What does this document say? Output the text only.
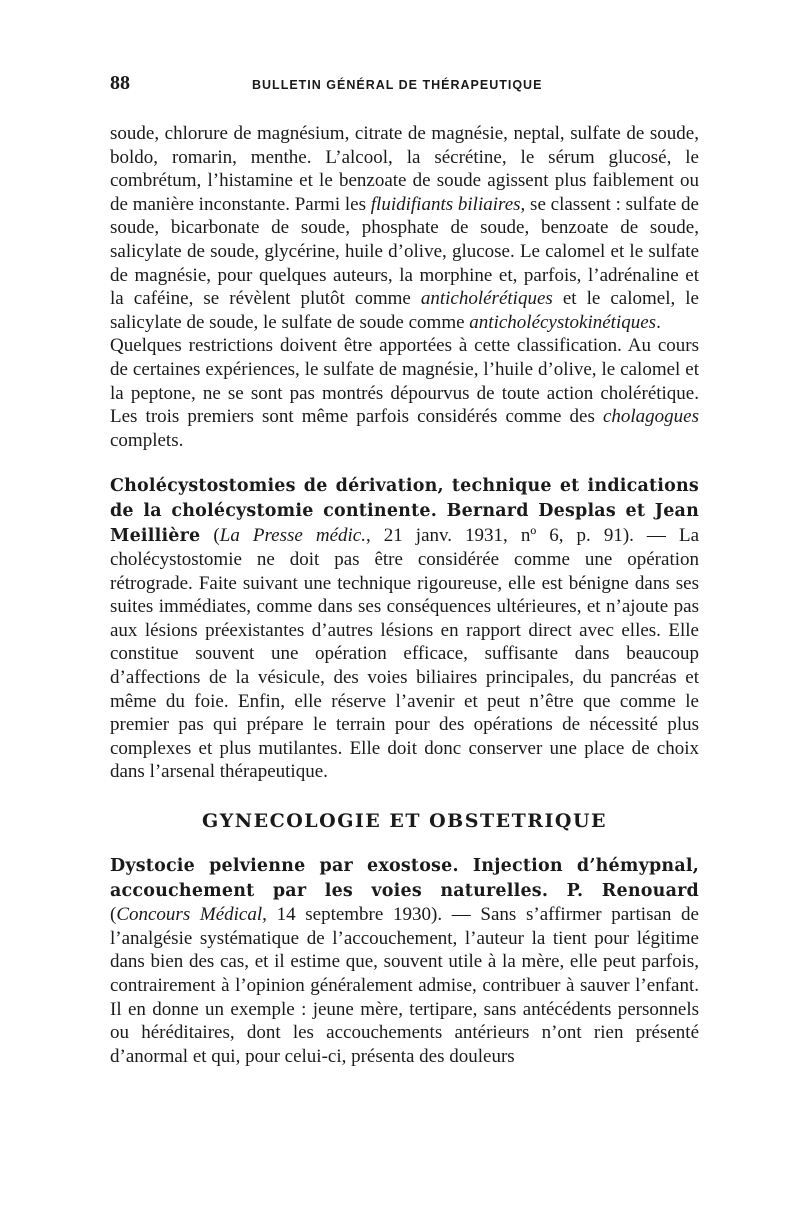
88	BULLETIN GÉNÉRAL DE THÉRAPEUTIQUE

soude, chlorure de magnésium, citrate de magnésie, neptal, sulfate de soude, boldo, romarin, menthe. L’alcool, la sécrétine, le sérum glucosé, le combrétum, l’histamine et le benzoate de soude agissent plus faiblement ou de manière inconstante. Parmi les fluidifiants biliaires, se classent : sulfate de soude, bicarbonate de soude, phosphate de soude, benzoate de soude, salicylate de soude, glycérine, huile d’olive, glucose. Le calomel et le sulfate de magnésie, pour quelques auteurs, la morphine et, parfois, l’adrénaline et la caféine, se révèlent plutôt comme anticholérétiques et le calomel, le salicylate de soude, le sulfate de soude comme anticholécystokinétiques.

Quelques restrictions doivent être apportées à cette classification. Au cours de certaines expériences, le sulfate de magnésie, l’huile d’olive, le calomel et la peptone, ne se sont pas montrés dépourvus de toute action cholérétique. Les trois premiers sont même parfois considérés comme des cholagogues complets.

Cholécystostomies de dérivation, technique et indications de la cholécystomie continente. Bernard Desplas et Jean Meillière (La Presse médic., 21 janv. 1931, nº 6, p. 91). — La cholécystostomie ne doit pas être considérée comme une opération rétrograde. Faite suivant une technique rigoureuse, elle est bénigne dans ses suites immédiates, comme dans ses conséquences ultérieures, et n’ajoute pas aux lésions préexistantes d’autres lésions en rapport direct avec elles. Elle constitue souvent une opération efficace, suffisante dans beaucoup d’affections de la vésicule, des voies biliaires principales, du pancréas et même du foie. Enfin, elle réserve l’avenir et peut n’être que comme le premier pas qui prépare le terrain pour des opérations de nécessité plus complexes et plus mutilantes. Elle doit donc conserver une place de choix dans l’arsenal thérapeutique.

GYNECOLOGIE ET OBSTETRIQUE

Dystocie pelvienne par exostose. Injection d’hémypnal, accouchement par les voies naturelles. P. Renouard (Concours Médical, 14 septembre 1930). — Sans s’affirmer partisan de l’analgésie systématique de l’accouchement, l’auteur la tient pour légitime dans bien des cas, et il estime que, souvent utile à la mère, elle peut parfois, contrairement à l’opinion généralement admise, contribuer à sauver l’enfant. Il en donne un exemple : jeune mère, tertipare, sans antécédents personnels ou héréditaires, dont les accouchements antérieurs n’ont rien présenté d’anormal et qui, pour celui-ci, présenta des douleurs
